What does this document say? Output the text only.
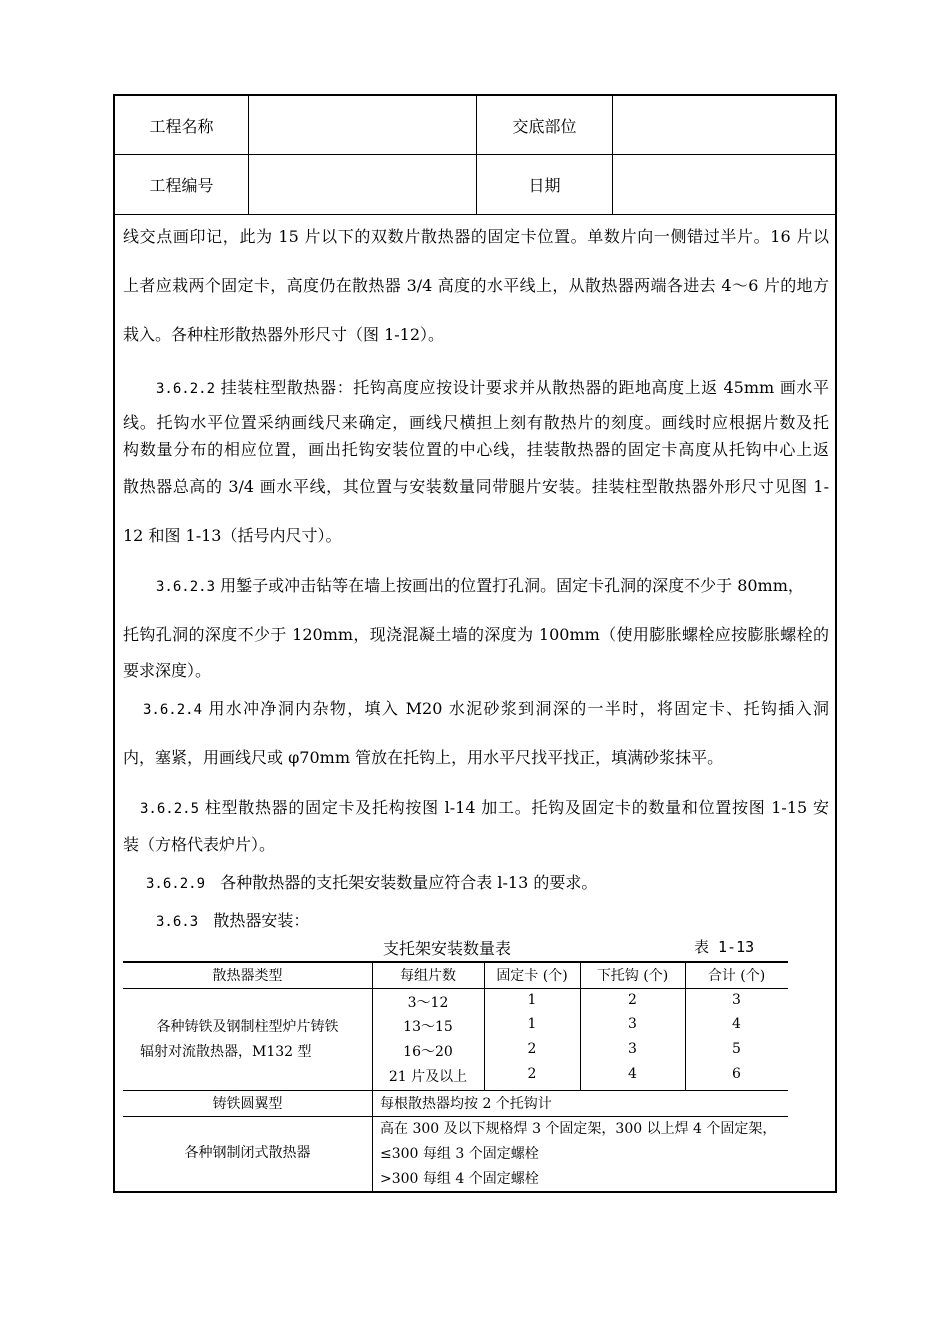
工程名称	交底部位
工程编号	日期

线交点画印记，此为 15 片以下的双数片散热器的固定卡位置。单数片向一侧错过半片。16 片以

上者应栽两个固定卡，高度仍在散热器 3/4 高度的水平线上，从散热器两端各进去 4～6 片的地方

栽入。各种柱形散热器外形尺寸（图 1-12）。

3.6.2.2 挂装柱型散热器：托钩高度应按设计要求并从散热器的距地高度上返 45mm 画水平

线。托钩水平位置采纳画线尺来确定，画线尺横担上刻有散热片的刻度。画线时应根据片数及托

构数量分布的相应位置，画出托钩安装位置的中心线，挂装散热器的固定卡高度从托钩中心上返

散热器总高的 3/4 画水平线，其位置与安装数量同带腿片安装。挂装柱型散热器外形尺寸见图 1-

12 和图 1-13（括号内尺寸）。

3.6.2.3 用錾子或冲击钻等在墙上按画出的位置打孔洞。固定卡孔洞的深度不少于 80mm，

托钩孔洞的深度不少于 120mm，现浇混凝土墙的深度为 100mm（使用膨胀螺栓应按膨胀螺栓的

要求深度）。

3.6.2.4 用水冲净洞内杂物，填入 M20 水泥砂浆到洞深的一半时，将固定卡、托钩插入洞

内，塞紧，用画线尺或 φ70mm 管放在托钩上，用水平尺找平找正，填满砂浆抹平。

3.6.2.5 柱型散热器的固定卡及托构按图 l-14 加工。托钩及固定卡的数量和位置按图 1-15 安

装（方格代表炉片）。

3.6.2.9 各种散热器的支托架安装数量应符合表 l-13 的要求。
3.6.3 散热器安装：
支托架安装数量表	表 1-13
散热器类型	每组片数	固定卡 (个)	下托钩 (个)	合计 (个)
各种铸铁及钢制柱型炉片铸铁
辐射对流散热器，M132 型
3～12	1	2	3
13～15	1	3	4
16～20	2	3	5
21 片及以上	2	4	6
铸铁圆翼型	每根散热器均按 2 个托钩计
各种钢制闭式散热器
高在 300 及以下规格焊 3 个固定架，300 以上焊 4 个固定架，
≤300 每组 3 个固定螺栓
>300 每组 4 个固定螺栓
